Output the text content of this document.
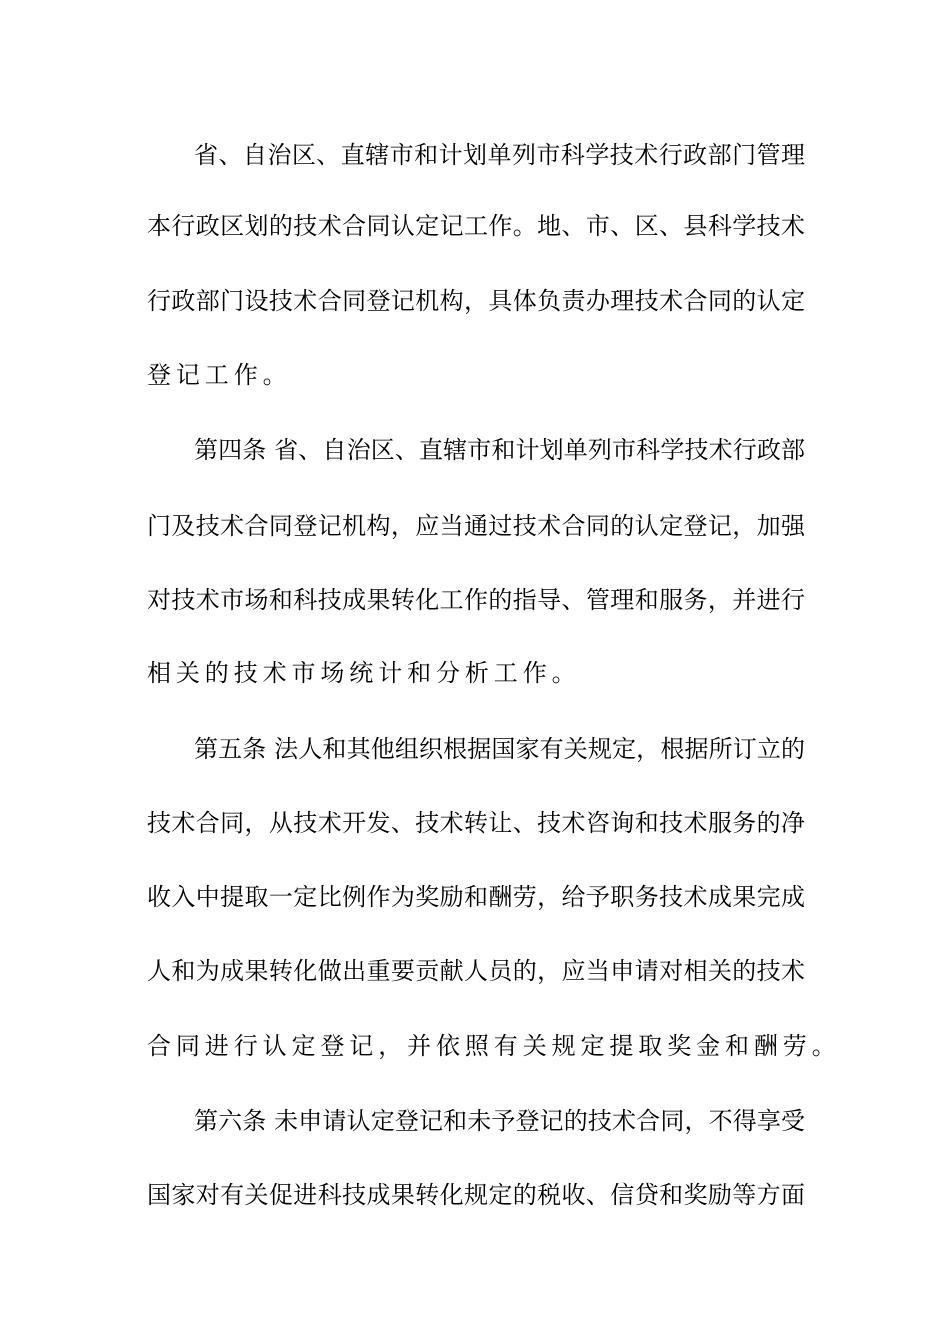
省、自治区、直辖市和计划单列市科学技术行政部门管理
本行政区划的技术合同认定记工作。地、市、区、县科学技术
行政部门设技术合同登记机构，具体负责办理技术合同的认定
登记工作。
第四条 省、自治区、直辖市和计划单列市科学技术行政部
门及技术合同登记机构，应当通过技术合同的认定登记，加强
对技术市场和科技成果转化工作的指导、管理和服务，并进行
相关的技术市场统计和分析工作。
第五条 法人和其他组织根据国家有关规定，根据所订立的
技术合同，从技术开发、技术转让、技术咨询和技术服务的净
收入中提取一定比例作为奖励和酬劳，给予职务技术成果完成
人和为成果转化做出重要贡献人员的，应当申请对相关的技术
合同进行认定登记，并依照有关规定提取奖金和酬劳。
第六条 未申请认定登记和未予登记的技术合同，不得享受
国家对有关促进科技成果转化规定的税收、信贷和奖励等方面
